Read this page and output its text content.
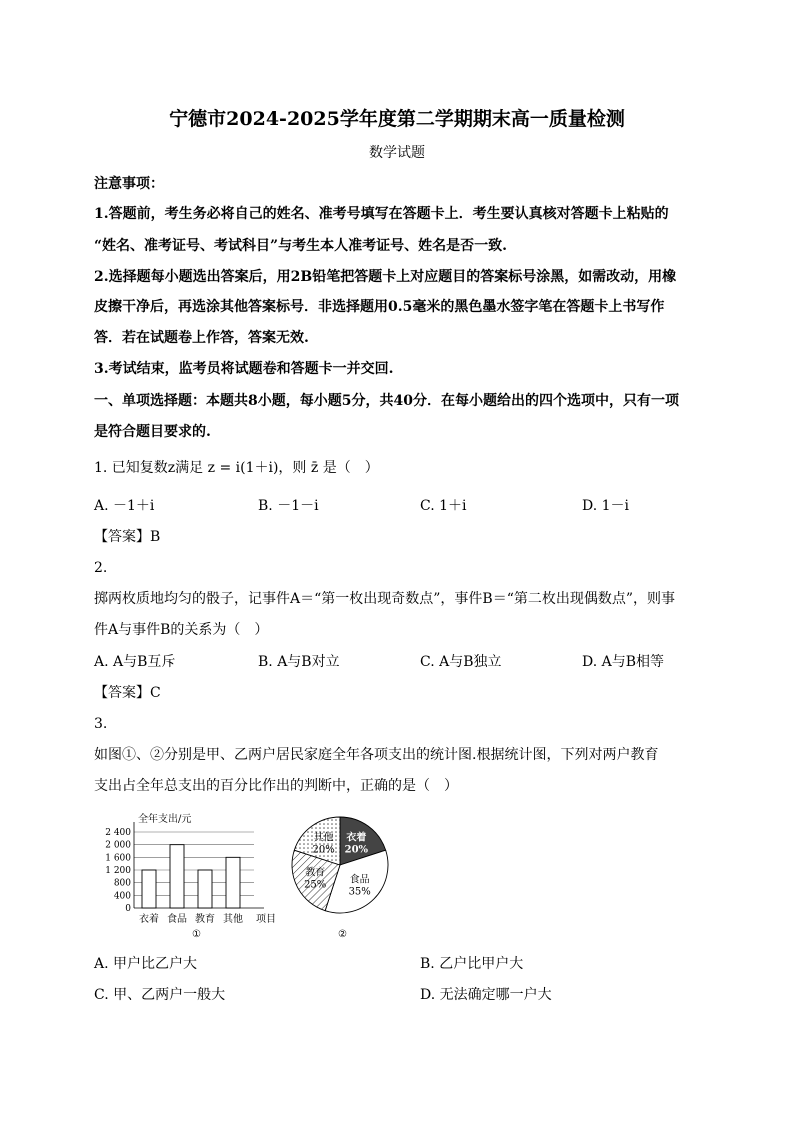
宁德市2024-2025学年度第二学期期末高一质量检测
数学试题
注意事项：
1.答题前，考生务必将自己的姓名、准考号填写在答题卡上．考生要认真核对答题卡上粘贴的
“姓名、准考证号、考试科目”与考生本人准考证号、姓名是否一致.
2.选择题每小题选出答案后，用2B铅笔把答题卡上对应题目的答案标号涂黑，如需改动，用橡
皮擦干净后，再选涂其他答案标号．非选择题用0.5毫米的黑色墨水签字笔在答题卡上书写作
答．若在试题卷上作答，答案无效.
3.考试结束，监考员将试题卷和答题卡一并交回.
一、单项选择题：本题共8小题，每小题5分，共40分．在每小题给出的四个选项中，只有一项
是符合题目要求的.
1. 已知复数z满足 z = i(1＋i)，则 z̄ 是（　）
A. －1＋i	B. －1－i	C. 1＋i	D. 1－i
【答案】B
2.
掷两枚质地均匀的骰子，记事件A＝“第一枚出现奇数点”，事件B＝“第二枚出现偶数点”，则事
件A与事件B的关系为（　）
A. A与B互斥	B. A与B对立	C. A与B独立	D. A与B相等
【答案】C
3.
如图①、②分别是甲、乙两户居民家庭全年各项支出的统计图.根据统计图，下列对两户教育
支出占全年总支出的百分比作出的判断中，正确的是（　）
全年支出/元
2 400
2 000
1 600
1 200
800
400
0
衣着 食品 教育 其他 项目
①
衣着
20%
食品
35%
教育
25%
其他
20%
②
A. 甲户比乙户大	B. 乙户比甲户大
C. 甲、乙两户一般大	D. 无法确定哪一户大
